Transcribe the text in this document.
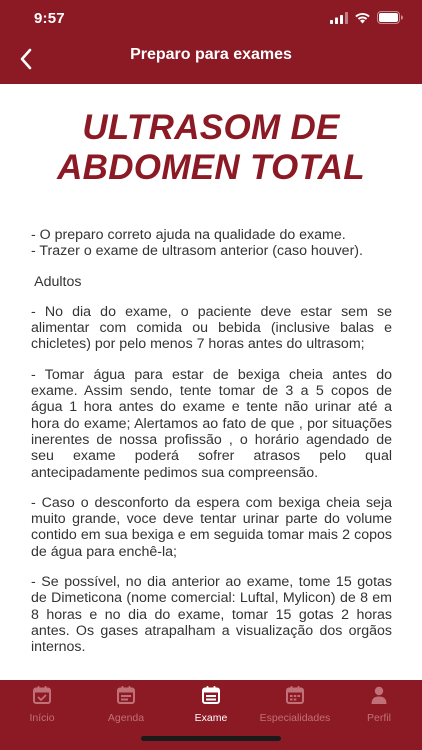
9:57
Preparo para exames
ULTRASOM DE
ABDOMEN TOTAL

- O preparo correto ajuda na qualidade do exame.

- Trazer o exame de ultrasom anterior (caso houver).

Adultos

- No dia do exame, o paciente deve estar sem se alimentar com comida ou bebida (inclusive balas e chicletes) por pelo menos 7 horas antes do ultrasom;

- Tomar água para estar de bexiga cheia antes do exame. Assim sendo, tente tomar de 3 a 5 copos de água 1 hora antes do exame e tente não urinar até a hora do exame; Alertamos ao fato de que , por situações inerentes de nossa profissão , o horário agendado de seu exame poderá sofrer atrasos pelo qual antecipadamente pedimos sua compreensão.

- Caso o desconforto da espera com bexiga cheia seja muito grande, voce deve tentar urinar parte do volume contido em sua bexiga e em seguida tomar mais 2 copos de água para enchê-la;

- Se possível, no dia anterior ao exame, tome 15 gotas de Dimeticona (nome comercial: Luftal, Mylicon) de 8 em 8 horas e no dia do exame, tomar 15 gotas 2 horas antes. Os gases atrapalham a visualização dos orgãos internos.

Início	Agenda	Exame	Especialidades	Perfil
